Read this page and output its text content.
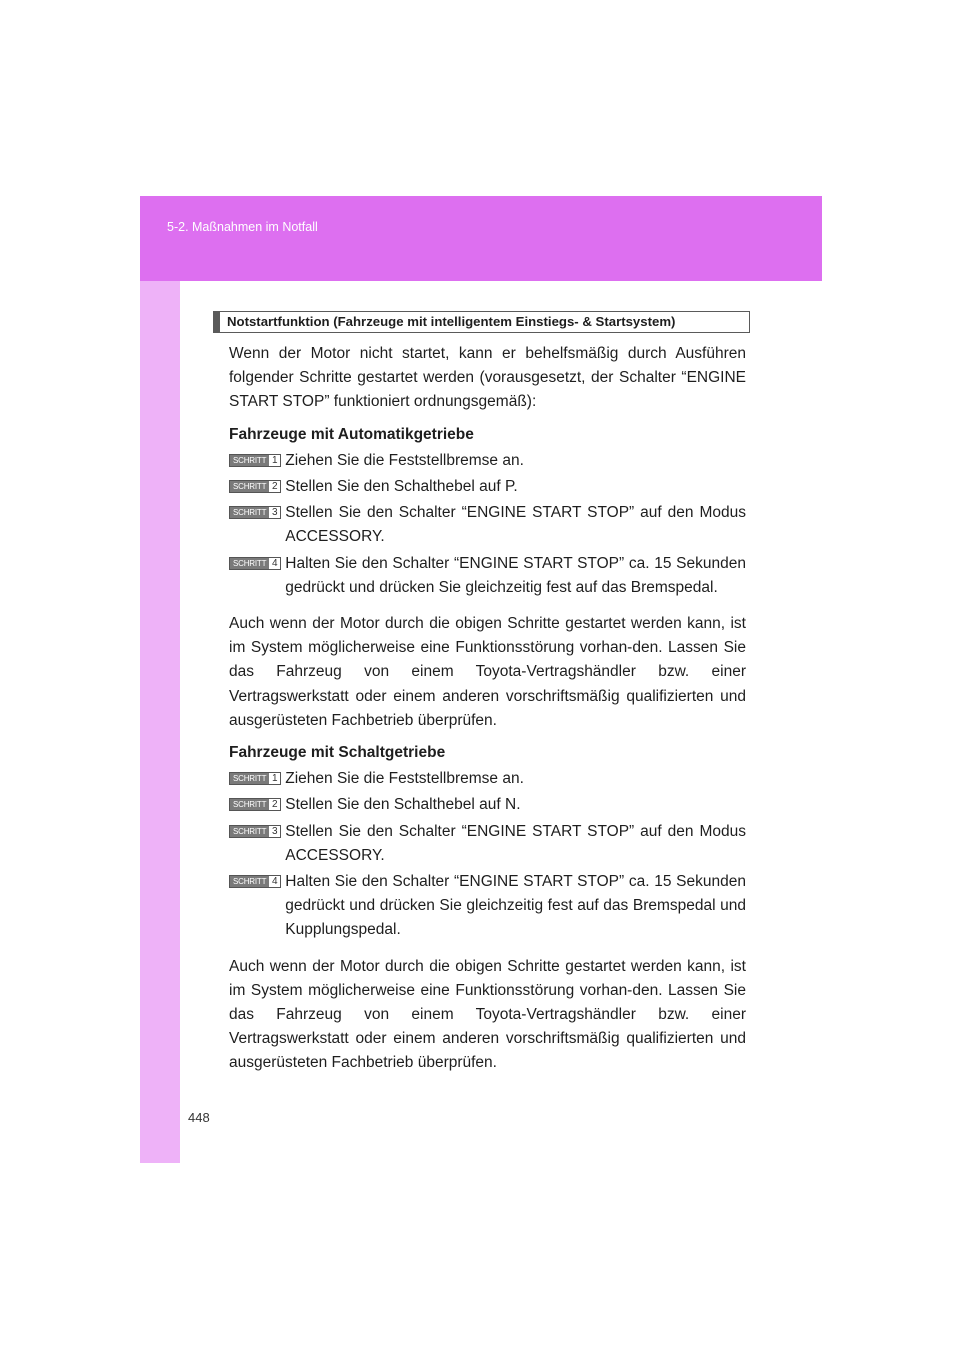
5-2. Maßnahmen im Notfall
Notstartfunktion (Fahrzeuge mit intelligentem Einstiegs- & Startsystem)

Wenn der Motor nicht startet, kann er behelfsmäßig durch Ausführen folgender Schritte gestartet werden (vorausgesetzt, der Schalter “ENGINE START STOP” funktioniert ordnungsgemäß):

Fahrzeuge mit Automatikgetriebe
SCHRITT 1 Ziehen Sie die Feststellbremse an.
SCHRITT 2 Stellen Sie den Schalthebel auf P.
SCHRITT 3 Stellen Sie den Schalter “ENGINE START STOP” auf den Modus ACCESSORY.
SCHRITT 4 Halten Sie den Schalter “ENGINE START STOP” ca. 15 Sekunden gedrückt und drücken Sie gleichzeitig fest auf das Bremspedal.

Auch wenn der Motor durch die obigen Schritte gestartet werden kann, ist im System möglicherweise eine Funktionsstörung vorhan-den. Lassen Sie das Fahrzeug von einem Toyota-Vertragshändler bzw. einer Vertragswerkstatt oder einem anderen vorschriftsmäßig qualifizierten und ausgerüsteten Fachbetrieb überprüfen.

Fahrzeuge mit Schaltgetriebe
SCHRITT 1 Ziehen Sie die Feststellbremse an.
SCHRITT 2 Stellen Sie den Schalthebel auf N.
SCHRITT 3 Stellen Sie den Schalter “ENGINE START STOP” auf den Modus ACCESSORY.
SCHRITT 4 Halten Sie den Schalter “ENGINE START STOP” ca. 15 Sekunden gedrückt und drücken Sie gleichzeitig fest auf das Bremspedal und Kupplungspedal.

Auch wenn der Motor durch die obigen Schritte gestartet werden kann, ist im System möglicherweise eine Funktionsstörung vorhan-den. Lassen Sie das Fahrzeug von einem Toyota-Vertragshändler bzw. einer Vertragswerkstatt oder einem anderen vorschriftsmäßig qualifizierten und ausgerüsteten Fachbetrieb überprüfen.

448
